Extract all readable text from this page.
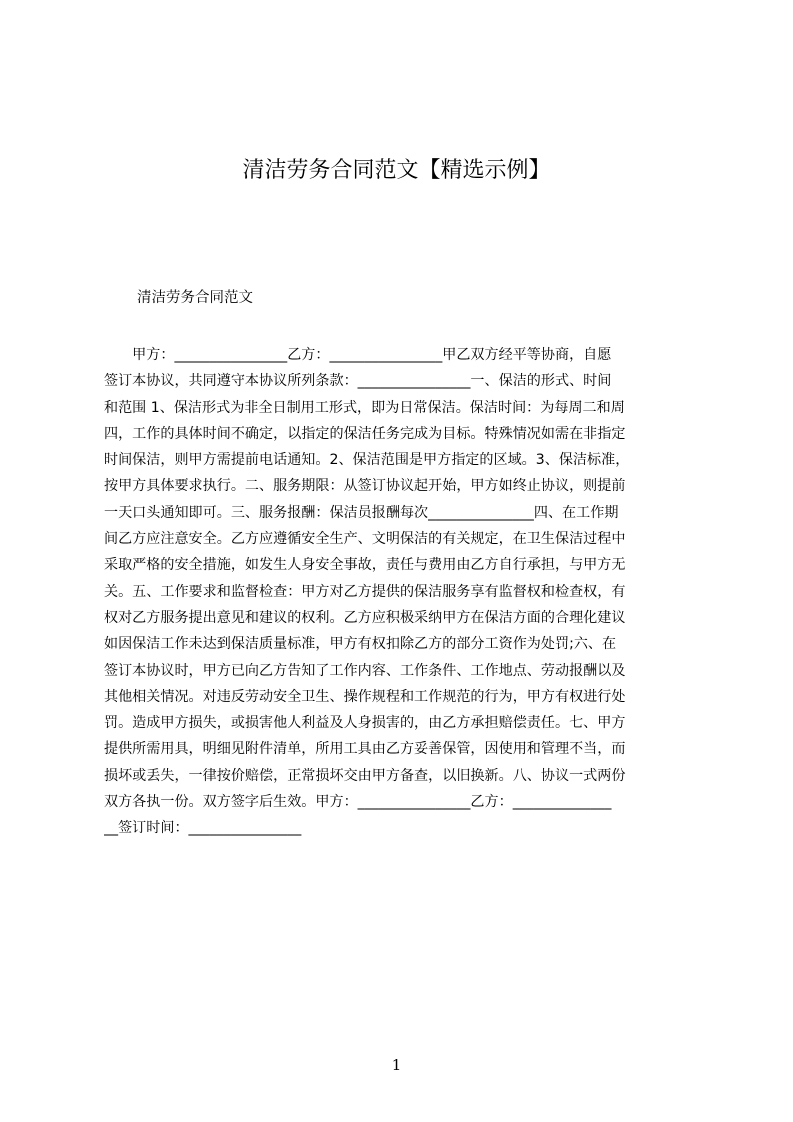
清洁劳务合同范文【精选示例】
清洁劳务合同范文
　　甲方：________________乙方：________________甲乙双方经平等协商，自愿
签订本协议，共同遵守本协议所列条款：________________一、保洁的形式、时间
和范围 1、保洁形式为非全日制用工形式，即为日常保洁。保洁时间：为每周二和周
四，工作的具体时间不确定，以指定的保洁任务完成为目标。特殊情况如需在非指定
时间保洁，则甲方需提前电话通知。2、保洁范围是甲方指定的区域。3、保洁标准，
按甲方具体要求执行。二、服务期限：从签订协议起开始，甲方如终止协议，则提前
一天口头通知即可。三、服务报酬：保洁员报酬每次_______________四、在工作期
间乙方应注意安全。乙方应遵循安全生产、文明保洁的有关规定，在卫生保洁过程中
采取严格的安全措施，如发生人身安全事故，责任与费用由乙方自行承担，与甲方无
关。五、工作要求和监督检查：甲方对乙方提供的保洁服务享有监督权和检查权，有
权对乙方服务提出意见和建议的权利。乙方应积极采纳甲方在保洁方面的合理化建议
如因保洁工作未达到保洁质量标准，甲方有权扣除乙方的部分工资作为处罚;六、在
签订本协议时，甲方已向乙方告知了工作内容、工作条件、工作地点、劳动报酬以及
其他相关情况。对违反劳动安全卫生、操作规程和工作规范的行为，甲方有权进行处
罚。造成甲方损失，或损害他人利益及人身损害的，由乙方承担赔偿责任。七、甲方
提供所需用具，明细见附件清单，所用工具由乙方妥善保管，因使用和管理不当，而
损坏或丢失，一律按价赔偿，正常损坏交由甲方备查，以旧换新。八、协议一式两份
双方各执一份。双方签字后生效。甲方：________________乙方：______________
__签订时间：________________
1
